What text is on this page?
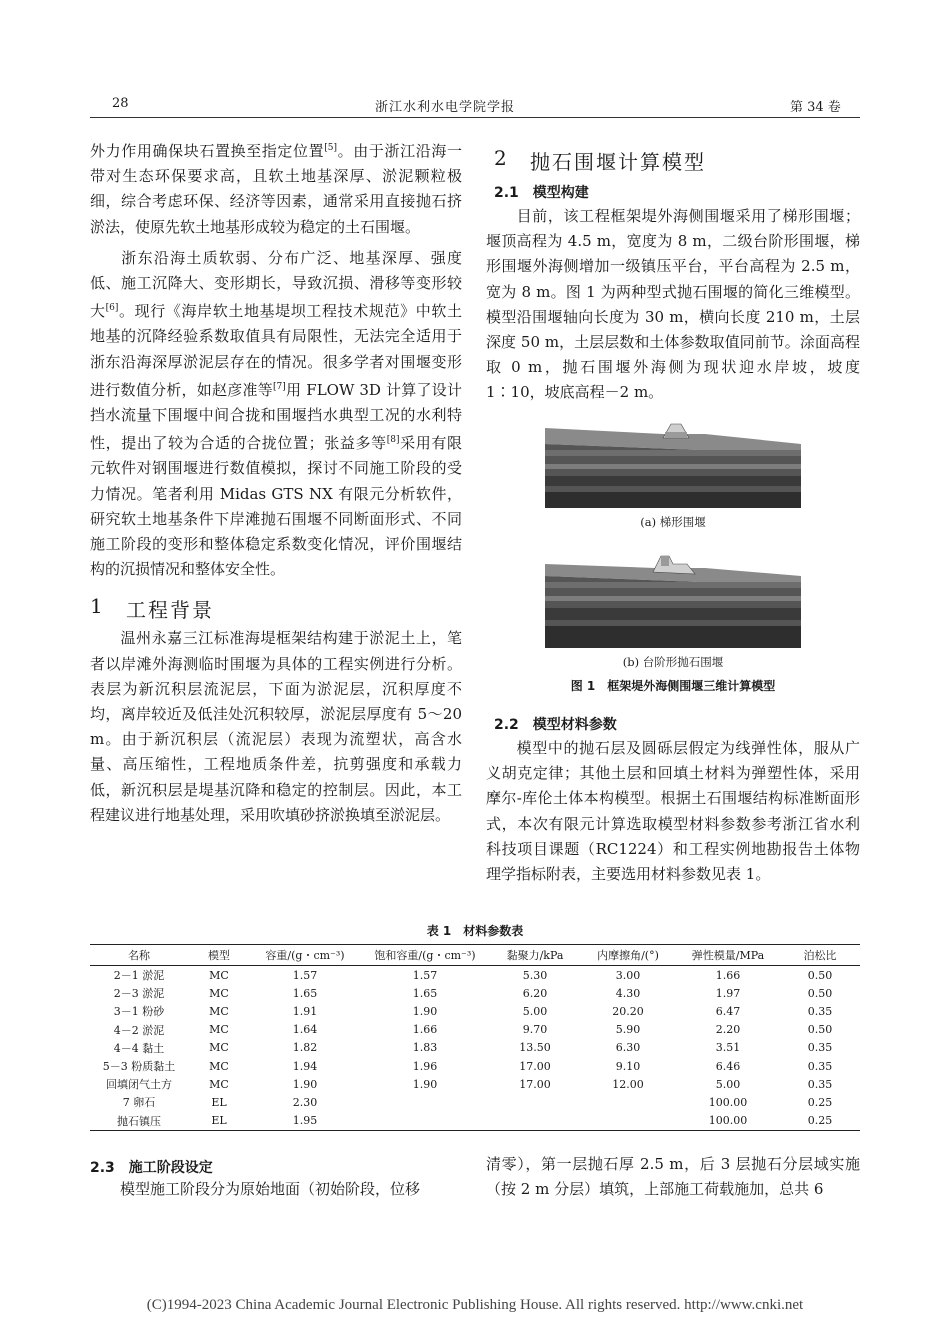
28	浙江水利水电学院学报	第 34 卷

外力作用确保块石置换至指定位置[5]。由于浙江沿海一带对生态环保要求高，且软土地基深厚、淤泥颗粒极细，综合考虑环保、经济等因素，通常采用直接抛石挤淤法，使原先软土地基形成较为稳定的土石围堰。

浙东沿海土质软弱、分布广泛、地基深厚、强度低、施工沉降大、变形期长，导致沉损、滑移等变形较大[6]。现行《海岸软土地基堤坝工程技术规范》中软土地基的沉降经验系数取值具有局限性，无法完全适用于浙东沿海深厚淤泥层存在的情况。很多学者对围堰变形进行数值分析，如赵彦准等[7]用 FLOW 3D 计算了设计挡水流量下围堰中间合拢和围堰挡水典型工况的水利特性，提出了较为合适的合拢位置；张益多等[8]采用有限元软件对钢围堰进行数值模拟，探讨不同施工阶段的受力情况。笔者利用 Midas GTS NX 有限元分析软件，研究软土地基条件下岸滩抛石围堰不同断面形式、不同施工阶段的变形和整体稳定系数变化情况，评价围堰结构的沉损情况和整体安全性。

1 工程背景

温州永嘉三江标准海堤框架结构建于淤泥土上，笔者以岸滩外海测临时围堰为具体的工程实例进行分析。表层为新沉积层流泥层，下面为淤泥层，沉积厚度不均，离岸较近及低洼处沉积较厚，淤泥层厚度有 5～20 m。由于新沉积层（流泥层）表现为流塑状，高含水量、高压缩性，工程地质条件差，抗剪强度和承载力低，新沉积层是堤基沉降和稳定的控制层。因此，本工程建议进行地基处理，采用吹填砂挤淤换填至淤泥层。

2 抛石围堰计算模型
2.1　模型构建

目前，该工程框架堤外海侧围堰采用了梯形围堰；堰顶高程为 4.5 m，宽度为 8 m，二级台阶形围堰，梯形围堰外海侧增加一级镇压平台，平台高程为 2.5 m，宽为 8 m。图 1 为两种型式抛石围堰的简化三维模型。模型沿围堰轴向长度为 30 m，横向长度 210 m，土层深度 50 m，土层层数和土体参数取值同前节。涂面高程取 0 m，抛石围堰外海侧为现状迎水岸坡，坡度 1∶10，坡底高程－2 m。

(a) 梯形围堰
(b) 台阶形抛石围堰
图 1　框架堤外海侧围堰三维计算模型
2.2　模型材料参数

模型中的抛石层及圆砾层假定为线弹性体，服从广义胡克定律；其他土层和回填土材料为弹塑性体，采用摩尔-库伦土体本构模型。根据土石围堰结构标准断面形式，本次有限元计算选取模型材料参数参考浙江省水利科技项目课题（RC1224）和工程实例地勘报告土体物理学指标附表，主要选用材料参数见表 1。

表 1　材料参数表
名称	模型	容重/(g・cm⁻³)	饱和容重/(g・cm⁻³)	黏聚力/kPa	内摩擦角/(°)	弹性模量/MPa	泊松比
2－1 淤泥	MC	1.57	1.57	5.30	3.00	1.66	0.50
2－3 淤泥	MC	1.65	1.65	6.20	4.30	1.97	0.50
3－1 粉砂	MC	1.91	1.90	5.00	20.20	6.47	0.35
4－2 淤泥	MC	1.64	1.66	9.70	5.90	2.20	0.50
4－4 黏土	MC	1.82	1.83	13.50	6.30	3.51	0.35
5－3 粉质黏土	MC	1.94	1.96	17.00	9.10	6.46	0.35
回填闭气土方	MC	1.90	1.90	17.00	12.00	5.00	0.35
7 卵石	EL	2.30				100.00	0.25
抛石镇压	EL	1.95				100.00	0.25
2.3　施工阶段设定

模型施工阶段分为原始地面（初始阶段，位移

清零），第一层抛石厚 2.5 m，后 3 层抛石分层域实施（按 2 m 分层）填筑，上部施工荷载施加，总共 6

(C)1994-2023 China Academic Journal Electronic Publishing House. All rights reserved. http://www.cnki.net
